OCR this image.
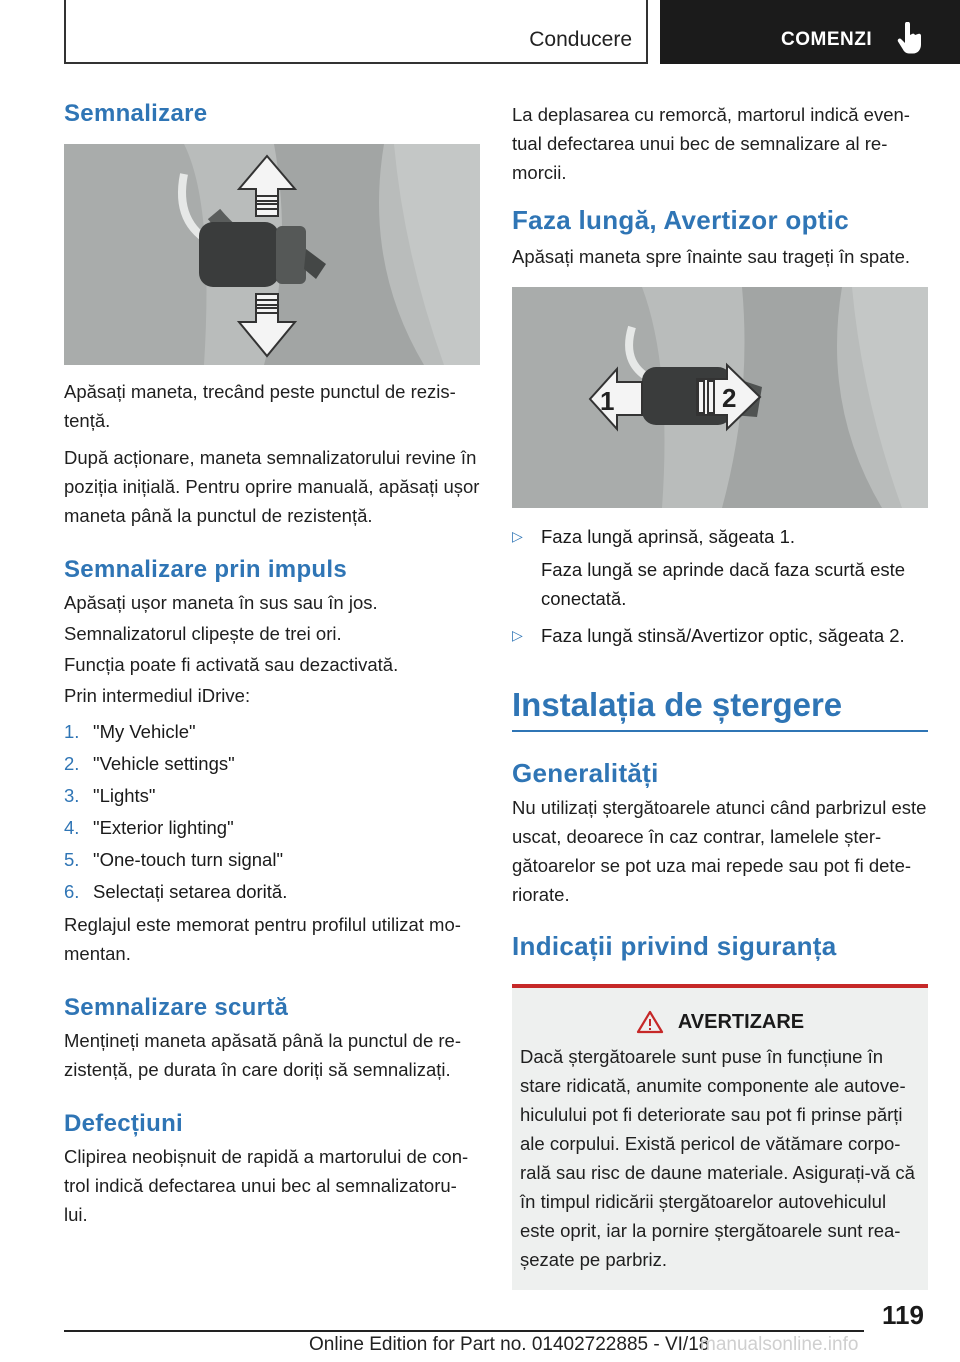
Conducere	COMENZI
Semnalizare

Apăsați maneta, trecând peste punctul de rezis-tență.

După acționare, maneta semnalizatorului revine în poziția inițială. Pentru oprire manuală, apăsați ușor maneta până la punctul de rezistență.

Semnalizare prin impuls

Apăsați ușor maneta în sus sau în jos.

Semnalizatorul clipește de trei ori.

Funcția poate fi activată sau dezactivată.

Prin intermediul iDrive:

1. "My Vehicle"
2. "Vehicle settings"
3. "Lights"
4. "Exterior lighting"
5. "One-touch turn signal"
6. Selectați setarea dorită.

Reglajul este memorat pentru profilul utilizat mo-mentan.

Semnalizare scurtă

Mențineți maneta apăsată până la punctul de re-zistență, pe durata în care doriți să semnalizați.

Defecțiuni

Clipirea neobișnuit de rapidă a martorului de con-trol indică defectarea unui bec al semnalizatoru-lui.

La deplasarea cu remorcă, martorul indică even-tual defectarea unui bec de semnalizare al re-morcii.

Faza lungă, Avertizor optic

Apăsați maneta spre înainte sau trageți în spate.

1	2
▷ Faza lungă aprinsă, săgeata 1.
Faza lungă se aprinde dacă faza scurtă este conectată.
▷ Faza lungă stinsă/Avertizor optic, săgeata 2.
Instalația de ștergere
Generalități

Nu utilizați ștergătoarele atunci când parbrizul este uscat, deoarece în caz contrar, lamelele șter-gătoarelor se pot uza mai repede sau pot fi dete-riorate.

Indicații privind siguranța
AVERTIZARE

Dacă ștergătoarele sunt puse în funcțiune în stare ridicată, anumite componente ale autove-hiculului pot fi deteriorate sau pot fi prinse părți ale corpului. Există pericol de vătămare corpo-rală sau risc de daune materiale. Asigurați-vă că în timpul ridicării ștergătoarelor autovehiculul este oprit, iar la pornire ștergătoarele sunt rea-șezate pe parbriz.

119
Online Edition for Part no. 01402722885 - VI/18
manualsonline.info
